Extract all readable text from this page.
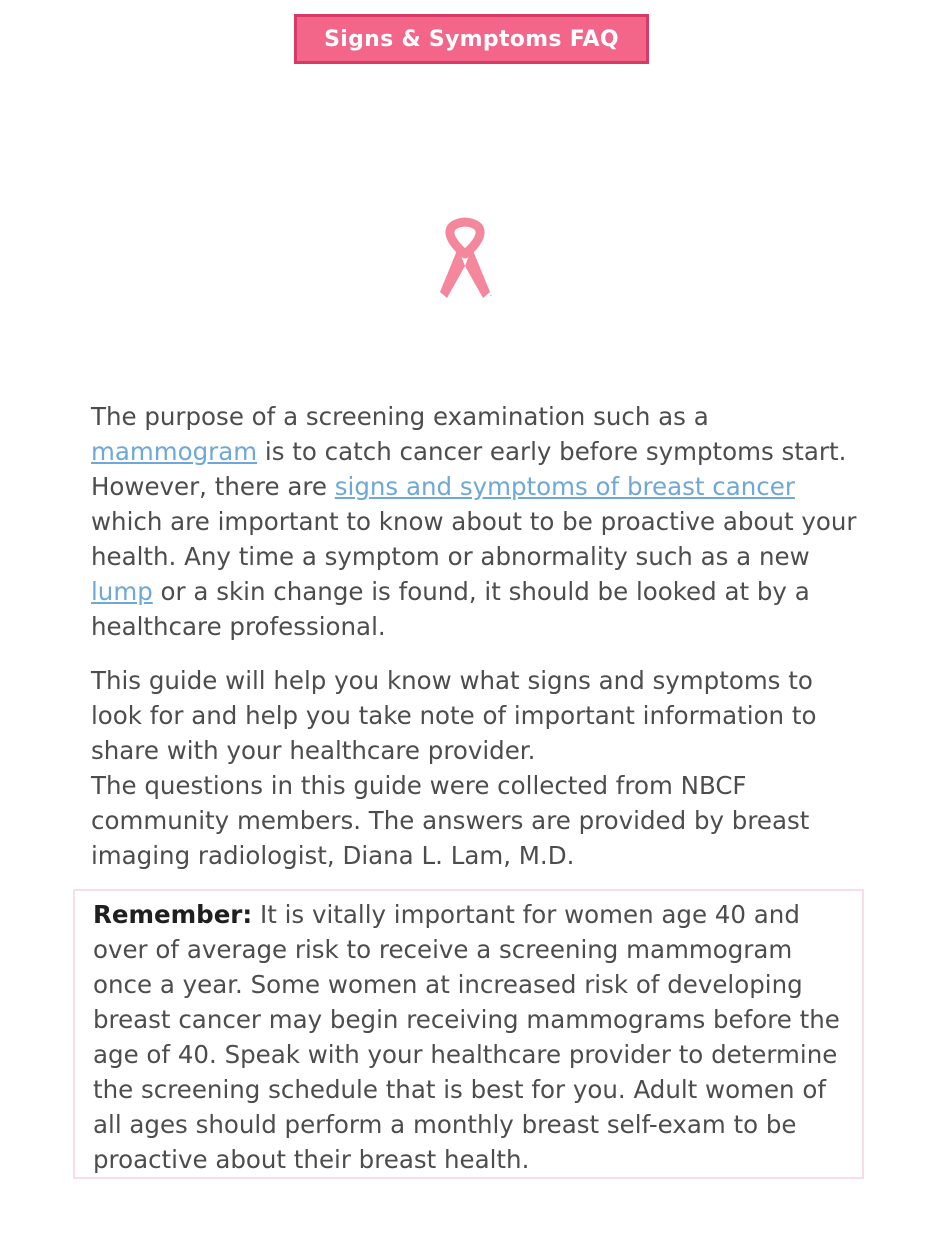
Signs & Symptoms FAQ
™

The purpose of a screening examination such as a mammogram is to catch cancer early before symptoms start. However, there are signs and symptoms of breast cancer which are important to know about to be proactive about your health. Any time a symptom or abnormality such as a new lump or a skin change is found, it should be looked at by a healthcare professional.

This guide will help you know what signs and symptoms to look for and help you take note of important information to share with your healthcare provider.
The questions in this guide were collected from NBCF community members. The answers are provided by breast imaging radiologist, Diana L. Lam, M.D.

Remember: It is vitally important for women age 40 and over of average risk to receive a screening mammogram once a year. Some women at increased risk of developing breast cancer may begin receiving mammograms before the age of 40. Speak with your healthcare provider to determine the screening schedule that is best for you. Adult women of all ages should perform a monthly breast self-exam to be proactive about their breast health.
